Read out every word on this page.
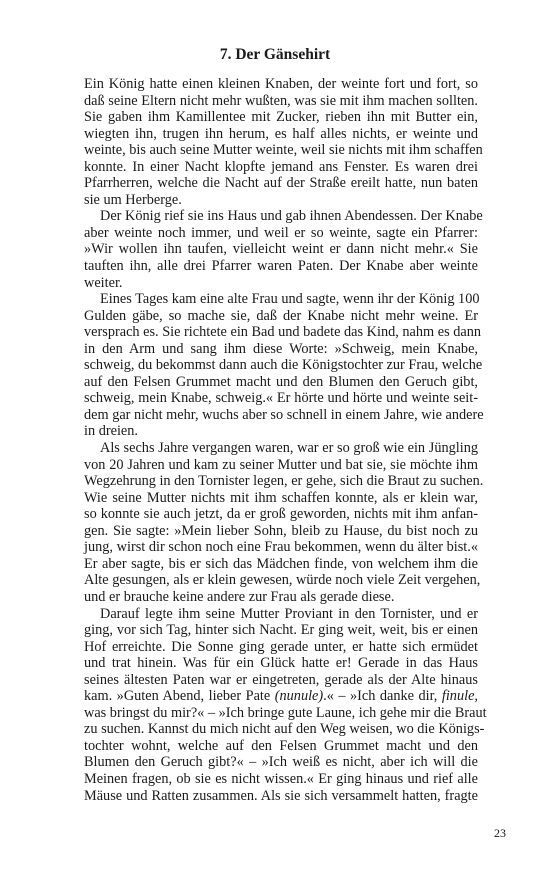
7. Der Gänsehirt
Ein König hatte einen kleinen Knaben, der weinte fort und fort, so
daß seine Eltern nicht mehr wußten, was sie mit ihm machen sollten.
Sie gaben ihm Kamillentee mit Zucker, rieben ihn mit Butter ein,
wiegten ihn, trugen ihn herum, es half alles nichts, er weinte und
weinte, bis auch seine Mutter weinte, weil sie nichts mit ihm schaffen
konnte. In einer Nacht klopfte jemand ans Fenster. Es waren drei
Pfarrherren, welche die Nacht auf der Straße ereilt hatte, nun baten
sie um Herberge.
Der König rief sie ins Haus und gab ihnen Abendessen. Der Knabe
aber weinte noch immer, und weil er so weinte, sagte ein Pfarrer:
»Wir wollen ihn taufen, vielleicht weint er dann nicht mehr.« Sie
tauften ihn, alle drei Pfarrer waren Paten. Der Knabe aber weinte
weiter.
Eines Tages kam eine alte Frau und sagte, wenn ihr der König 100
Gulden gäbe, so mache sie, daß der Knabe nicht mehr weine. Er
versprach es. Sie richtete ein Bad und badete das Kind, nahm es dann
in den Arm und sang ihm diese Worte: »Schweig, mein Knabe,
schweig, du bekommst dann auch die Königstochter zur Frau, welche
auf den Felsen Grummet macht und den Blumen den Geruch gibt,
schweig, mein Knabe, schweig.« Er hörte und hörte und weinte seit-
dem gar nicht mehr, wuchs aber so schnell in einem Jahre, wie andere
in dreien.
Als sechs Jahre vergangen waren, war er so groß wie ein Jüngling
von 20 Jahren und kam zu seiner Mutter und bat sie, sie möchte ihm
Wegzehrung in den Tornister legen, er gehe, sich die Braut zu suchen.
Wie seine Mutter nichts mit ihm schaffen konnte, als er klein war,
so konnte sie auch jetzt, da er groß geworden, nichts mit ihm anfan-
gen. Sie sagte: »Mein lieber Sohn, bleib zu Hause, du bist noch zu
jung, wirst dir schon noch eine Frau bekommen, wenn du älter bist.«
Er aber sagte, bis er sich das Mädchen finde, von welchem ihm die
Alte gesungen, als er klein gewesen, würde noch viele Zeit vergehen,
und er brauche keine andere zur Frau als gerade diese.
Darauf legte ihm seine Mutter Proviant in den Tornister, und er
ging, vor sich Tag, hinter sich Nacht. Er ging weit, weit, bis er einen
Hof erreichte. Die Sonne ging gerade unter, er hatte sich ermüdet
und trat hinein. Was für ein Glück hatte er! Gerade in das Haus
seines ältesten Paten war er eingetreten, gerade als der Alte hinaus
kam. »Guten Abend, lieber Pate (nunule).« – »Ich danke dir, finule,
was bringst du mir?« – »Ich bringe gute Laune, ich gehe mir die Braut
zu suchen. Kannst du mich nicht auf den Weg weisen, wo die Königs-
tochter wohnt, welche auf den Felsen Grummet macht und den
Blumen den Geruch gibt?« – »Ich weiß es nicht, aber ich will die
Meinen fragen, ob sie es nicht wissen.« Er ging hinaus und rief alle
Mäuse und Ratten zusammen. Als sie sich versammelt hatten, fragte
23
